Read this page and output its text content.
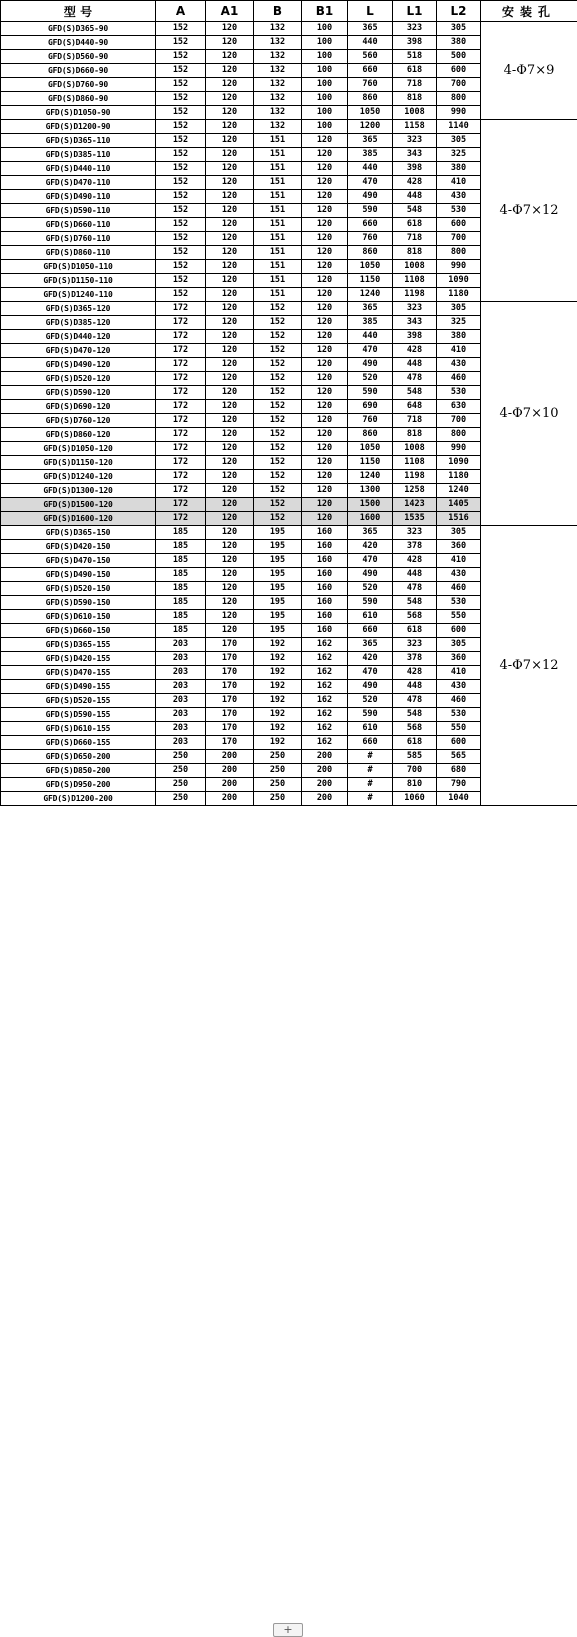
型 号	A	A1	B	B1	L	L1	L2	安装孔
GFD(S)D365-90	152	120	132	100	365	323	305	4-Φ7×9
GFD(S)D440-90	152	120	132	100	440	398	380	
GFD(S)D560-90	152	120	132	100	560	518	500	
GFD(S)D660-90	152	120	132	100	660	618	600	
GFD(S)D760-90	152	120	132	100	760	718	700	
GFD(S)D860-90	152	120	132	100	860	818	800	
GFD(S)D1050-90	152	120	132	100	1050	1008	990	
GFD(S)D1200-90	152	120	132	100	1200	1158	1140	4-Φ7×12
GFD(S)D365-110	152	120	151	120	365	323	305	
GFD(S)D385-110	152	120	151	120	385	343	325	
GFD(S)D440-110	152	120	151	120	440	398	380	
GFD(S)D470-110	152	120	151	120	470	428	410	
GFD(S)D490-110	152	120	151	120	490	448	430	
GFD(S)D590-110	152	120	151	120	590	548	530	
GFD(S)D660-110	152	120	151	120	660	618	600	
GFD(S)D760-110	152	120	151	120	760	718	700	
GFD(S)D860-110	152	120	151	120	860	818	800	
GFD(S)D1050-110	152	120	151	120	1050	1008	990	
GFD(S)D1150-110	152	120	151	120	1150	1108	1090	
GFD(S)D1240-110	152	120	151	120	1240	1198	1180	
GFD(S)D365-120	172	120	152	120	365	323	305	4-Φ7×10
GFD(S)D385-120	172	120	152	120	385	343	325	
GFD(S)D440-120	172	120	152	120	440	398	380	
GFD(S)D470-120	172	120	152	120	470	428	410	
GFD(S)D490-120	172	120	152	120	490	448	430	
GFD(S)D520-120	172	120	152	120	520	478	460	
GFD(S)D590-120	172	120	152	120	590	548	530	
GFD(S)D690-120	172	120	152	120	690	648	630	
GFD(S)D760-120	172	120	152	120	760	718	700	
GFD(S)D860-120	172	120	152	120	860	818	800	
GFD(S)D1050-120	172	120	152	120	1050	1008	990	
GFD(S)D1150-120	172	120	152	120	1150	1108	1090	
GFD(S)D1240-120	172	120	152	120	1240	1198	1180	
GFD(S)D1300-120	172	120	152	120	1300	1258	1240	
GFD(S)D1500-120	172	120	152	120	1500	1423	1405	
GFD(S)D1600-120	172	120	152	120	1600	1535	1516	
GFD(S)D365-150	185	120	195	160	365	323	305	4-Φ7×12
GFD(S)D420-150	185	120	195	160	420	378	360	
GFD(S)D470-150	185	120	195	160	470	428	410	
GFD(S)D490-150	185	120	195	160	490	448	430	
GFD(S)D520-150	185	120	195	160	520	478	460	
GFD(S)D590-150	185	120	195	160	590	548	530	
GFD(S)D610-150	185	120	195	160	610	568	550	
GFD(S)D660-150	185	120	195	160	660	618	600	
GFD(S)D365-155	203	170	192	162	365	323	305	
GFD(S)D420-155	203	170	192	162	420	378	360	
GFD(S)D470-155	203	170	192	162	470	428	410	
GFD(S)D490-155	203	170	192	162	490	448	430	
GFD(S)D520-155	203	170	192	162	520	478	460	
GFD(S)D590-155	203	170	192	162	590	548	530	
GFD(S)D610-155	203	170	192	162	610	568	550	
GFD(S)D660-155	203	170	192	162	660	618	600	
GFD(S)D650-200	250	200	250	200	#	585	565	
GFD(S)D850-200	250	200	250	200	#	700	680	
GFD(S)D950-200	250	200	250	200	#	810	790	
GFD(S)D1200-200	250	200	250	200	#	1060	1040	
+
